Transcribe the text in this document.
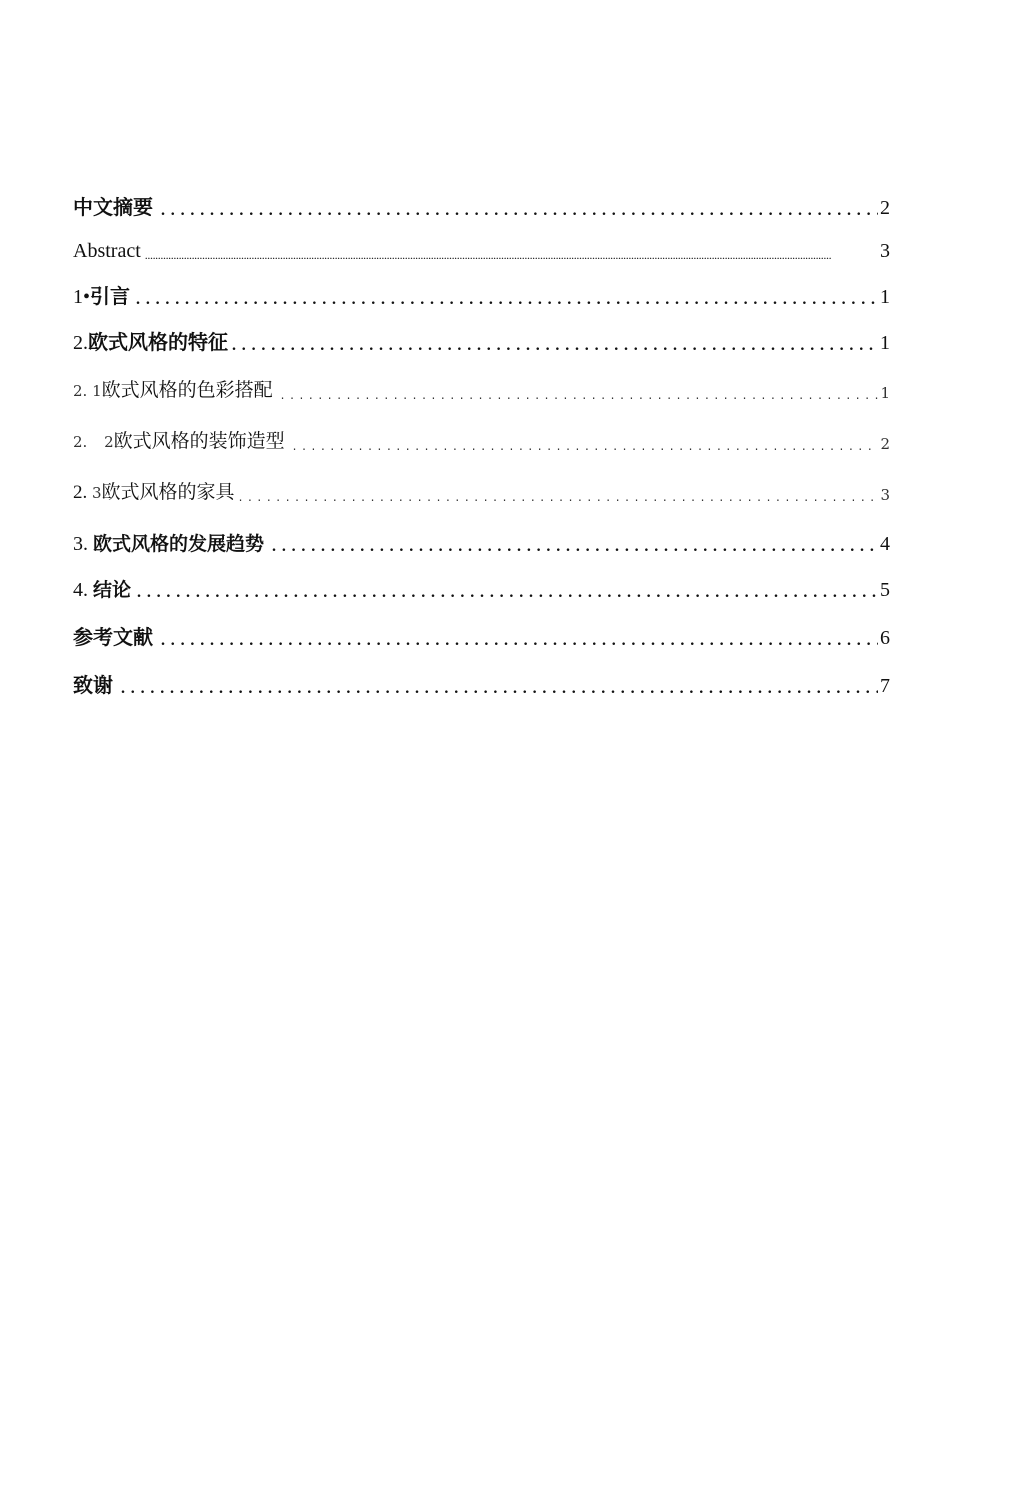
中文摘要 . . .	2
Abstract .....	3
1•引言 . . .	1
2.欧式风格的特征 . . .	1
2. 1欧式风格的色彩搭配 . . .	1
2. 2欧式风格的装饰造型 . . .	2
2. 3欧式风格的家具 . . .	3
3. 欧式风格的发展趋势 . . .	4
4. 结论 . . .	5
参考文献 . . .	6
致谢 . . .	7
